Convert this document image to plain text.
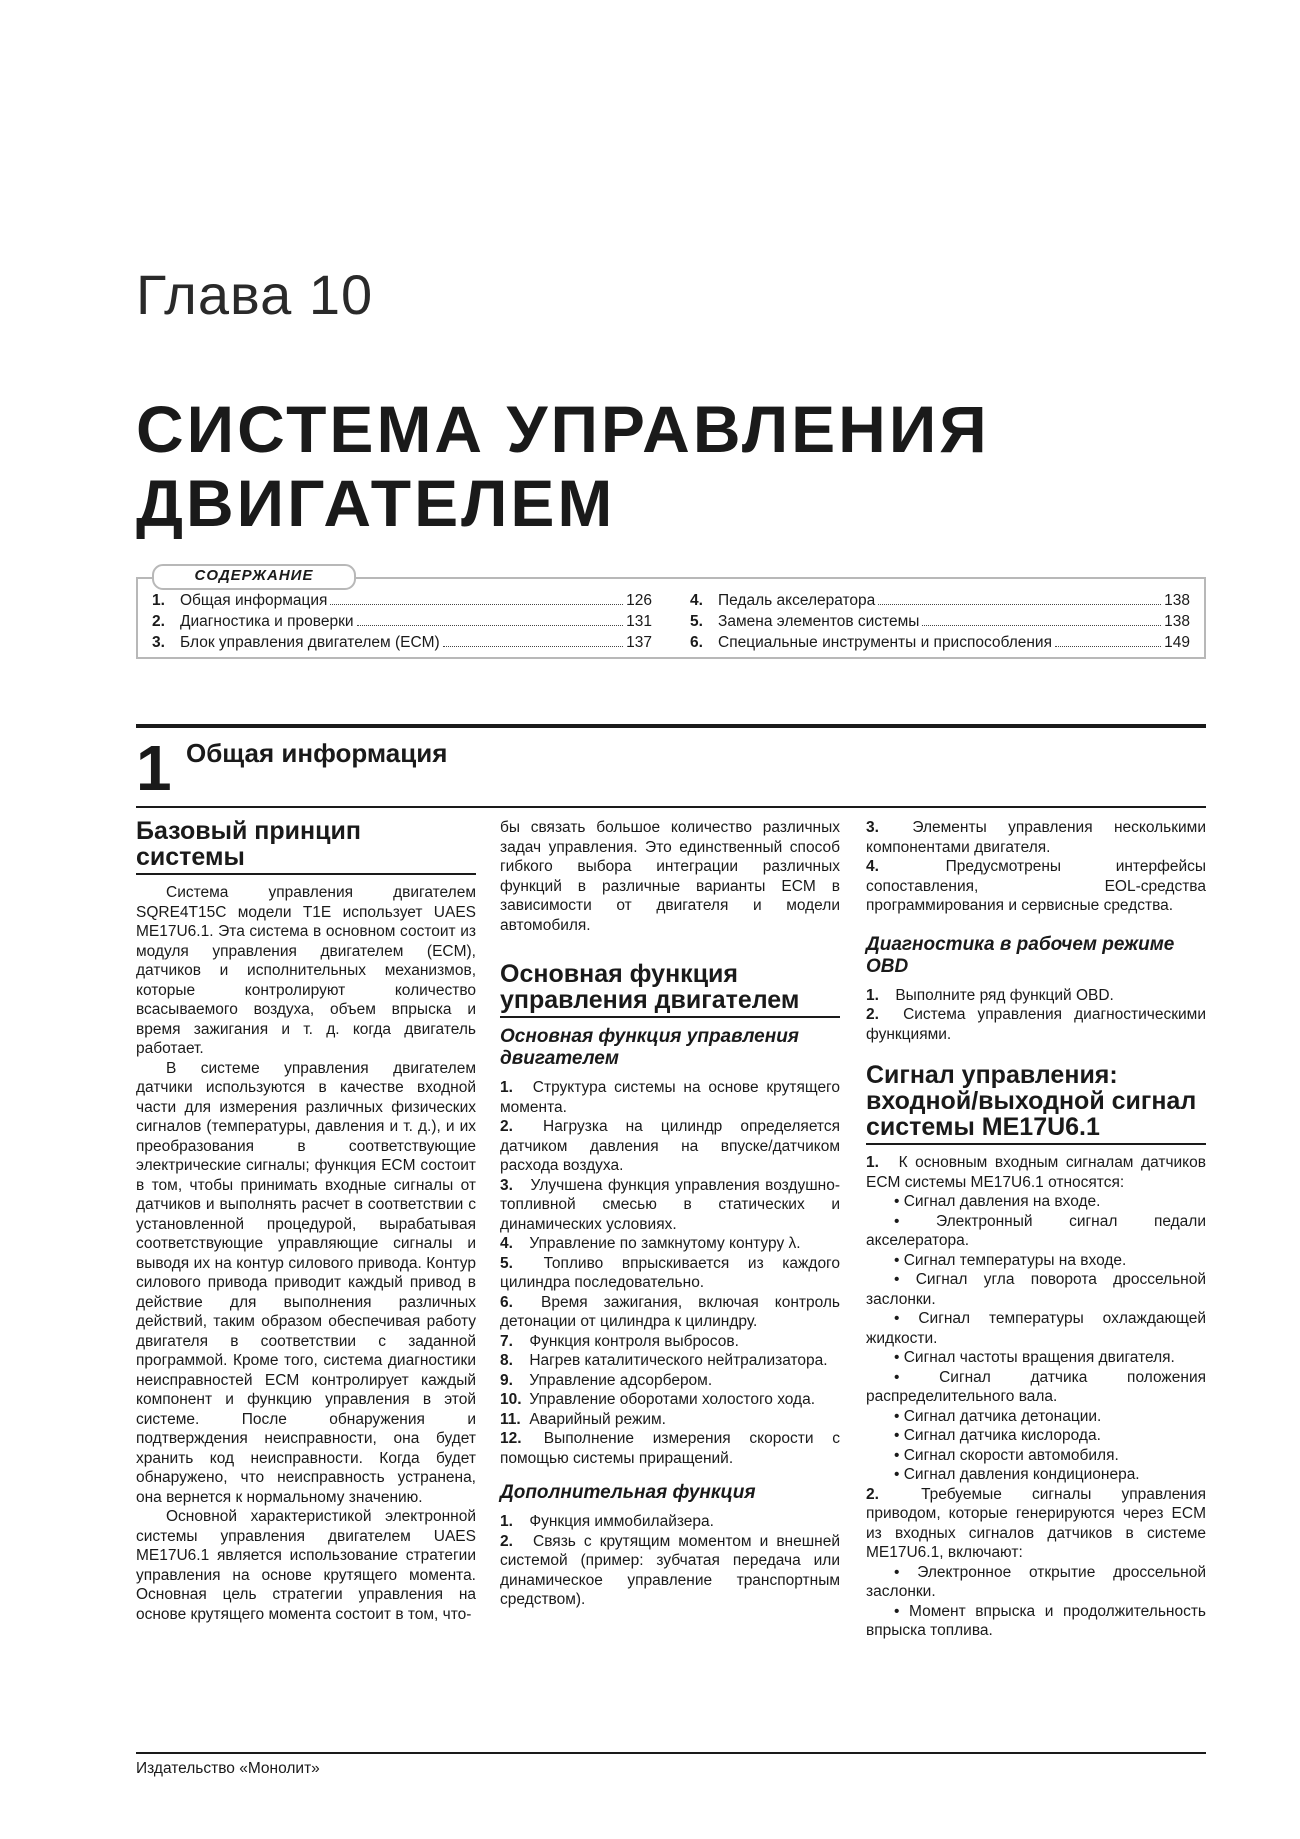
Глава 10
СИСТЕМА УПРАВЛЕНИЯ
ДВИГАТЕЛЕМ
СОДЕРЖАНИЕ
1. Общая информация	126
2. Диагностика и проверки	131
3. Блок управления двигателем (ECM)	137
4. Педаль акселератора	138
5. Замена элементов системы	138
6. Специальные инструменты и приспособления	149
1 Общая информация
Базовый принцип системы

Система управления двигателем SQRE4T15C модели T1E использует UAES ME17U6.1. Эта система в основном состоит из модуля управления двигателем (ECM), датчиков и исполнительных механизмов, которые контролируют количество всасываемого воздуха, объем впрыска и время зажигания и т. д. когда двигатель работает.

В системе управления двигателем датчики используются в качестве входной части для измерения различных физических сигналов (температуры, давления и т. д.), и их преобразования в соответствующие электрические сигналы; функция ECM состоит в том, чтобы принимать входные сигналы от датчиков и выполнять расчет в соответствии с установленной процедурой, вырабатывая соответствующие управляющие сигналы и выводя их на контур силового привода. Контур силового привода приводит каждый привод в действие для выполнения различных действий, таким образом обеспечивая работу двигателя в соответствии с заданной программой. Кроме того, система диагностики неисправностей ECM контролирует каждый компонент и функцию управления в этой системе. После обнаружения и подтверждения неисправности, она будет хранить код неисправности. Когда будет обнаружено, что неисправность устранена, она вернется к нормальному значению.

Основной характеристикой электронной системы управления двигателем UAES ME17U6.1 является использование стратегии управления на основе крутящего момента. Основная цель стратегии управления на основе крутящего момента состоит в том, что-

бы связать большое количество различных задач управления. Это единственный способ гибкого выбора интеграции различных функций в различные варианты ECM в зависимости от двигателя и модели автомобиля.

Основная функция управления двигателем
Основная функция управления двигателем
1. Структура системы на основе крутящего момента.
2. Нагрузка на цилиндр определяется датчиком давления на впуске/датчиком расхода воздуха.
3. Улучшена функция управления воздушно-топливной смесью в статических и динамических условиях.
4. Управление по замкнутому контуру λ.
5. Топливо впрыскивается из каждого цилиндра последовательно.
6. Время зажигания, включая контроль детонации от цилиндра к цилиндру.
7. Функция контроля выбросов.
8. Нагрев каталитического нейтрализатора.
9. Управление адсорбером.
10. Управление оборотами холостого хода.
11. Аварийный режим.
12. Выполнение измерения скорости с помощью системы приращений.
Дополнительная функция
1. Функция иммобилайзера.
2. Связь с крутящим моментом и внешней системой (пример: зубчатая передача или динамическое управление транспортным средством).
3. Элементы управления несколькими компонентами двигателя.
4.	Предусмотрены интерфейсы сопоставления, EOL-средства программирования и сервисные средства.
Диагностика в рабочем режиме OBD
1. Выполните ряд функций OBD.
2. Система управления диагностическими функциями.
Сигнал управления: входной/выходной сигнал системы ME17U6.1
1. К основным входным сигналам датчиков ECM системы ME17U6.1 относятся:
• Сигнал давления на входе.
• Электронный сигнал педали акселератора.
• Сигнал температуры на входе.
• Сигнал угла поворота дроссельной заслонки.
• Сигнал температуры охлаждающей жидкости.
• Сигнал частоты вращения двигателя.
• Сигнал датчика положения распределительного вала.
• Сигнал датчика детонации.
• Сигнал датчика кислорода.
• Сигнал скорости автомобиля.
• Сигнал давления кондиционера.
2.	Требуемые сигналы управления приводом, которые генерируются через ECM из входных сигналов датчиков в системе ME17U6.1, включают:
• Электронное открытие дроссельной заслонки.
• Момент впрыска и продолжительность впрыска топлива.
Издательство «Монолит»
